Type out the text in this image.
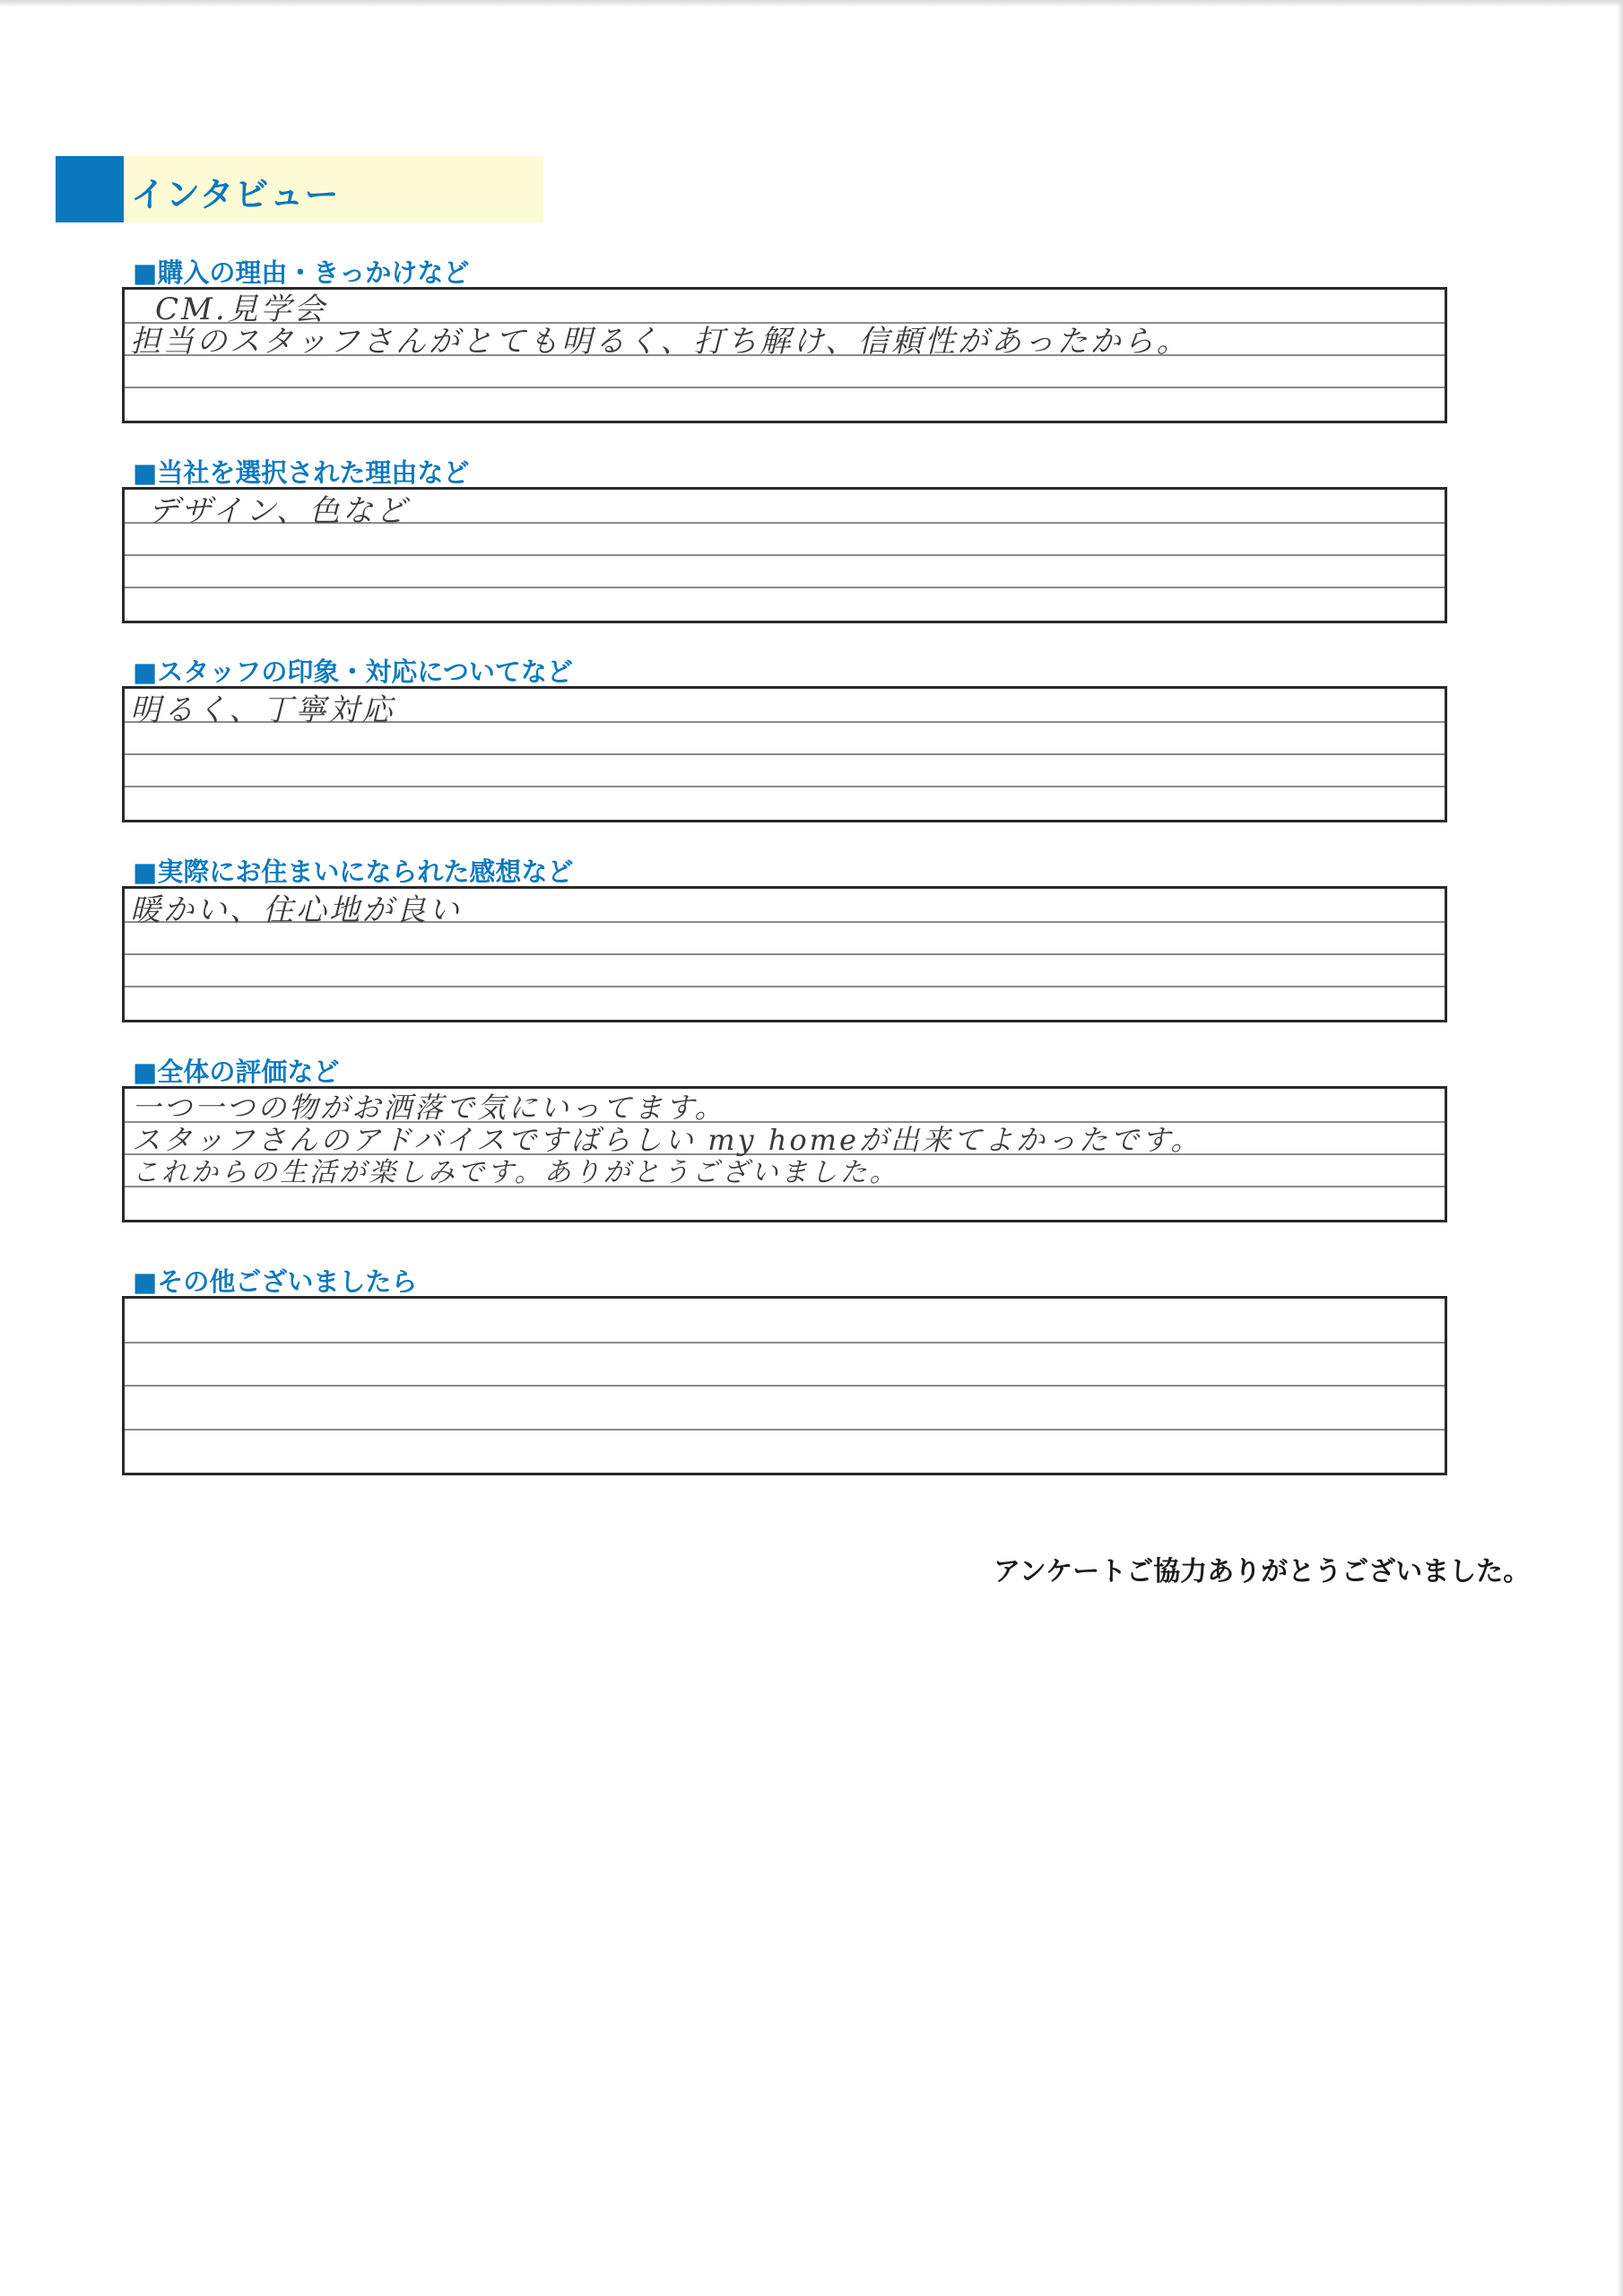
インタビュー
■購入の理由・きっかけなど
CM.見学会
担当のスタッフさんがとても明るく、打ち解け、信頼性があったから。
■当社を選択された理由など
デザイン、色など
■スタッフの印象・対応についてなど
明るく、丁寧対応
■実際にお住まいになられた感想など
暖かい、住心地が良い
■全体の評価など
一つ一つの物がお洒落で気にいってます。
スタッフさんのアドバイスですばらしい my homeが出来てよかったです。
これからの生活が楽しみです。ありがとうございました。
■その他ございましたら
アンケートご協力ありがとうございました。
